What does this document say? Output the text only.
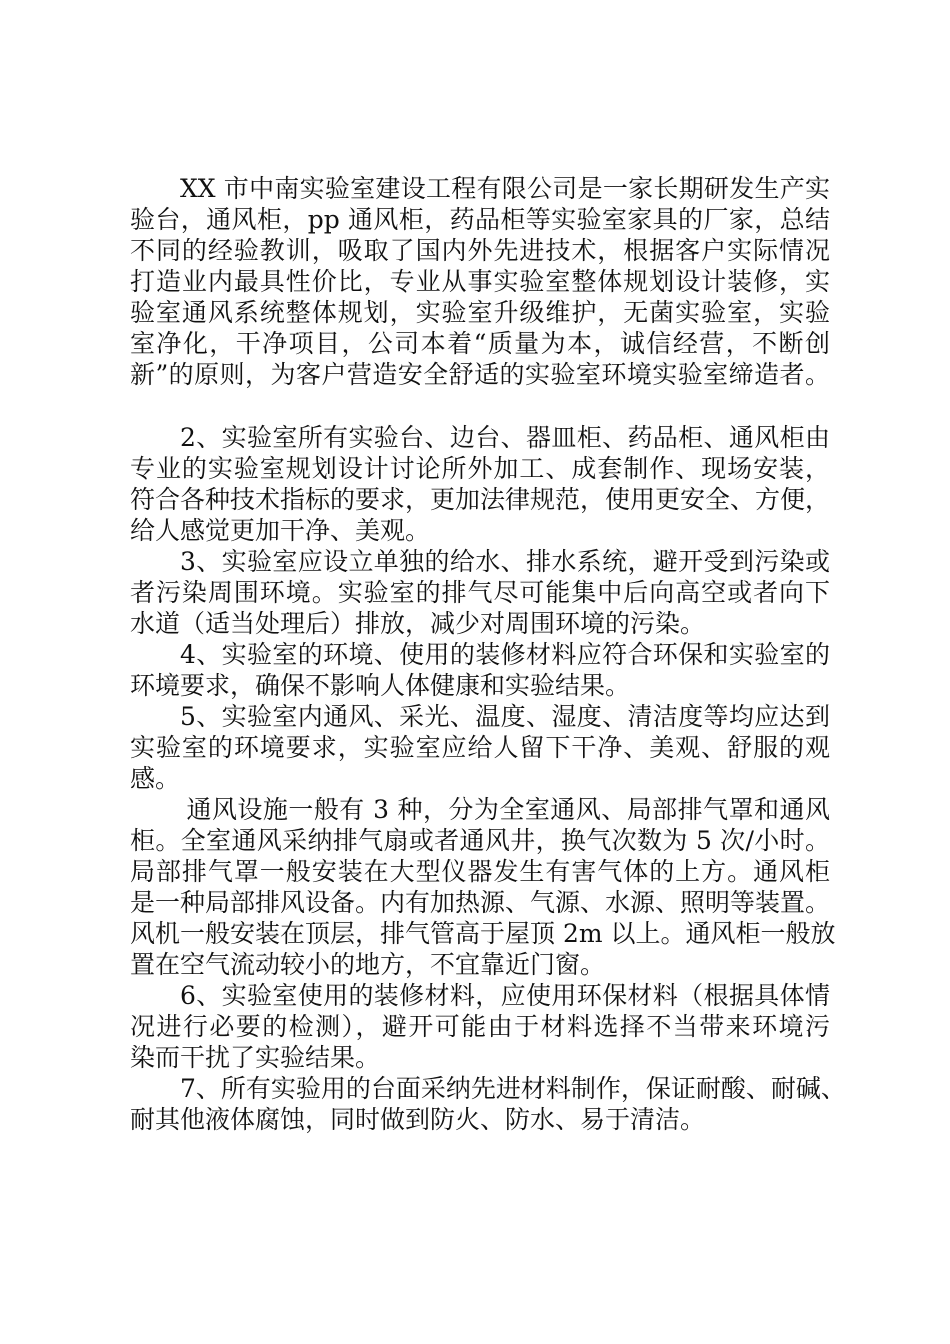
XX 市中南实验室建设工程有限公司是一家长期研发生产实
验台，通风柜，pp 通风柜，药品柜等实验室家具的厂家，总结
不同的经验教训，吸取了国内外先进技术，根据客户实际情况
打造业内最具性价比，专业从事实验室整体规划设计装修，实
验室通风系统整体规划，实验室升级维护，无菌实验室，实验
室净化，干净项目，公司本着“质量为本，诚信经营，不断创
新”的原则，为客户营造安全舒适的实验室环境实验室缔造者。
2、实验室所有实验台、边台、器皿柜、药品柜、通风柜由
专业的实验室规划设计讨论所外加工、成套制作、现场安装，
符合各种技术指标的要求，更加法律规范，使用更安全、方便，
给人感觉更加干净、美观。
3、实验室应设立单独的给水、排水系统，避开受到污染或
者污染周围环境。实验室的排气尽可能集中后向高空或者向下
水道（适当处理后）排放，减少对周围环境的污染。
4、实验室的环境、使用的装修材料应符合环保和实验室的
环境要求，确保不影响人体健康和实验结果。
5、实验室内通风、采光、温度、湿度、清洁度等均应达到
实验室的环境要求，实验室应给人留下干净、美观、舒服的观
感。
通风设施一般有 3 种，分为全室通风、局部排气罩和通风
柜。全室通风采纳排气扇或者通风井，换气次数为 5 次/小时。
局部排气罩一般安装在大型仪器发生有害气体的上方。通风柜
是一种局部排风设备。内有加热源、气源、水源、照明等装置。
风机一般安装在顶层，排气管高于屋顶 2m 以上。通风柜一般放
置在空气流动较小的地方，不宜靠近门窗。
6、实验室使用的装修材料，应使用环保材料（根据具体情
况进行必要的检测），避开可能由于材料选择不当带来环境污
染而干扰了实验结果。
7、所有实验用的台面采纳先进材料制作，保证耐酸、耐碱、
耐其他液体腐蚀，同时做到防火、防水、易于清洁。
